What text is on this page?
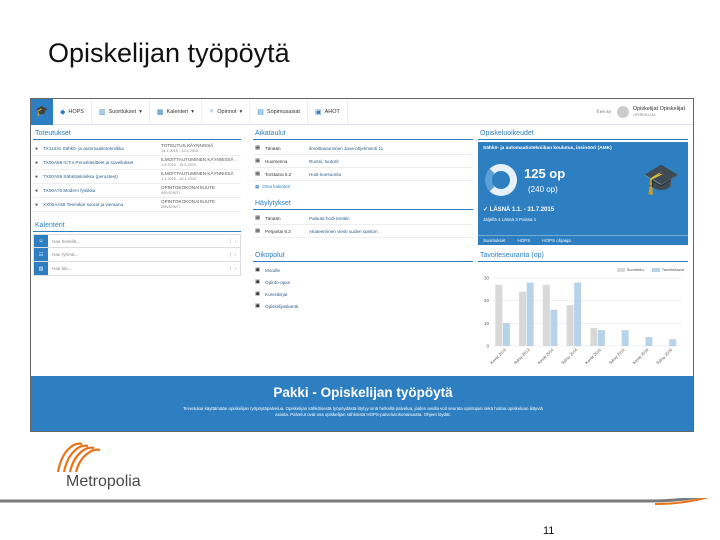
Opiskelijan työpöytä
🎓 ◆ HOPS ▥ Suoritukset ▾ ▦ Kalenteri ▾ ♀ Opinnot ▾ ▤ Sopimusasiat ▣ AHOT	fi en sv	Opiskelijat Opiskelijat
OPISKELIJA
Toteutukset
●	TX11431 Sähkö- ja automaatiotekniikka
TOTEUTUS KÄYNNISSÄ
15.1.2015 - 15.5.2015
●	TX00A58 ICT:n Peruskäsitteet ja sovellukset
ILMOITTAUTUMINEN KÄYNNISSÄ
1.5.2015 - 15.5.2015
●	TX00A59 Sähkötekniikka (perusteet)
ILMOITTAUTUMINEN KÄYNNISSÄ
1.1.2015 - 15.1.2015
●	TX00A70 Modern fysiikka
OPINTOKOKONAISUUTE
ARVIOINTI
●	XX00AA58 Teemikar suorat ja vieraana
OPINTOKOKONAISUUTE
ARVIOINTI
Kalenterit
☺	Hae henkilö...	›
☷	Hae ryhmä...	›
▥	Hae tila...	›
Aikataulut
▦	Tänään	Ilmoittautuminen Java-ohjelmointi 11
▦	Huomenna	Ruotsi, tuutorit
▦	Torstaina 5.2	Hodi-koesuoritu
▦ Oma kalenteri
Häylytykset
▦	Tänään	Palauta hodi-tenttiin
▦	Perjantai 6.2	Akateeminen viesti uuden opiston
Oikopolut
▣	Moodle
▣	Opinto-opas
▣	Kurssikirjat
▣	Opiskelijaskantti
Opiskeluoikeudet
Sähkö- ja automaatiotekniikan koulutus, insinööri (AMK)
125 op
(240 op)	🎓
✓ LÄSNÄ 1.1. - 31.7.2015
Jäljellä 4 Läsnä 3 Poissa 1
Suoritukset	HOPS	HOPS ohjaaja
Tavoiteseuranta (op)
Suoritettu	Tavoiteltavat
0
10
20
30
Kevät 2013 Syksy 2013 Kevät 2014 Syksy 2014 Kevät 2015 Syksy 2015 Kevät 2016 Syksy 2016
Pakki - Opiskelijan työpöytä
Tervetuloa käyttämään opiskelijan työpöytäpalvelua. Opiskelijan sähköisestä työpöydästä löytyy sinä hetkellä palvelua, joiden avulla voit seurata opintojasi sekä hoitaa opiskeluun liittyviä asioita. Palvelut ovat osa opiskelijan sähköistä HOPS-palvelukokonaisuutta. Ohjeet löydät.
Metropolia
11
